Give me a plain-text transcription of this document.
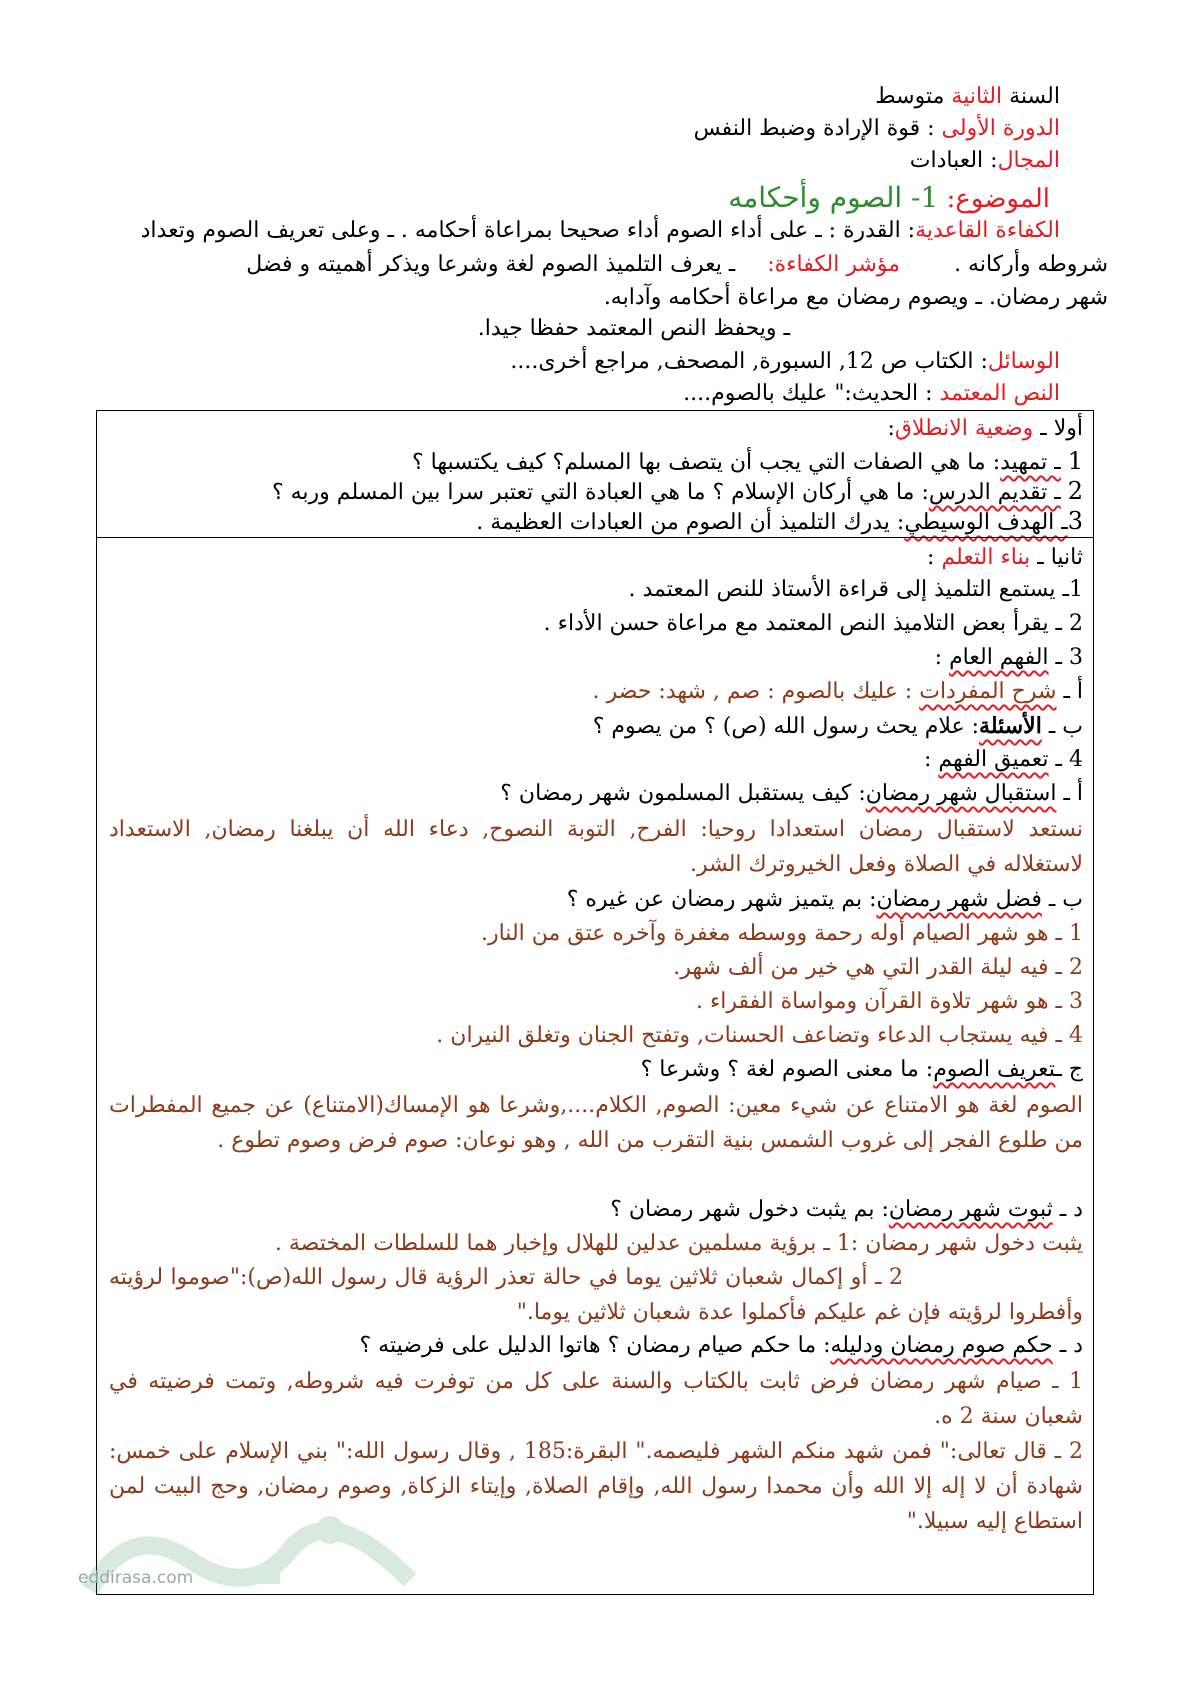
السنة الثانية متوسط
الدورة الأولى : قوة الإرادة وضبط النفس
المجال: العبادات
الموضوع: 1- الصوم وأحكامه
الكفاءة القاعدية: القدرة : ـ على أداء الصوم أداء صحيحا بمراعاة أحكامه . ـ وعلى تعريف الصوم وتعداد
شروطه وأركانه .  مؤشر الكفاءة:  ـ يعرف التلميذ الصوم لغة وشرعا ويذكر أهميته و فضل
شهر رمضان. ـ ويصوم رمضان مع مراعاة أحكامه وآدابه.
ـ ويحفظ النص المعتمد حفظا جيدا.
الوسائل: الكتاب ص 12, السبورة, المصحف, مراجع أخرى....
النص المعتمد : الحديث:" عليك بالصوم....
أولا ـ وضعية الانطلاق:
1 ـ تمهيد: ما هي الصفات التي يجب أن يتصف بها المسلم؟ كيف يكتسبها ؟
2 ـ تقديم الدرس: ما هي أركان الإسلام ؟ ما هي العبادة التي تعتبر سرا بين المسلم وربه ؟
3ـ الهدف الوسيطي: يدرك التلميذ أن الصوم من العبادات العظيمة .
ثانيا ـ بناء التعلم :
1ـ يستمع التلميذ إلى قراءة الأستاذ للنص المعتمد .
2 ـ يقرأ بعض التلاميذ النص المعتمد مع مراعاة حسن الأداء .
3 ـ الفهم العام :
أ ـ شرح المفردات : عليك بالصوم : صم , شهد: حضر .
ب ـ الأسئلة: علام يحث رسول الله (ص) ؟ من يصوم ؟
4 ـ تعميق الفهم :
أ ـ استقبال شهر رمضان: كيف يستقبل المسلمون شهر رمضان ؟
نستعد لاستقبال رمضان استعدادا روحيا: الفرح, التوبة النصوح, دعاء الله أن يبلغنا رمضان, الاستعداد لاستغلاله في الصلاة وفعل الخيروترك الشر.
ب ـ فضل شهر رمضان: بم يتميز شهر رمضان عن غيره ؟
1 ـ هو شهر الصيام أوله رحمة ووسطه مغفرة وآخره عتق من النار.
2 ـ فيه ليلة القدر التي هي خير من ألف شهر.
3 ـ هو شهر تلاوة القرآن ومواساة الفقراء .
4 ـ فيه يستجاب الدعاء وتضاعف الحسنات, وتفتح الجنان وتغلق النيران .
ج ـتعريف الصوم: ما معنى الصوم لغة ؟ وشرعا ؟
الصوم لغة هو الامتناع عن شيء معين: الصوم, الكلام....,وشرعا هو الإمساك(الامتناع) عن جميع المفطرات من طلوع الفجر إلى غروب الشمس بنية التقرب من الله , وهو نوعان: صوم فرض وصوم تطوع .
د ـ ثبوت شهر رمضان: بم يثبت دخول شهر رمضان ؟
يثبت دخول شهر رمضان :1 ـ برؤية مسلمين عدلين للهلال وإخبار هما للسلطات المختصة .
2 ـ أو إكمال شعبان ثلاثين يوما في حالة تعذر الرؤية قال رسول الله(ص):"صوموا لرؤيته وأفطروا لرؤيته فإن غم عليكم فأكملوا عدة شعبان ثلاثين يوما."
د ـ حكم صوم رمضان ودليله: ما حكم صيام رمضان ؟ هاتوا الدليل على فرضيته ؟
1 ـ صيام شهر رمضان فرض ثابت بالكتاب والسنة على كل من توفرت فيه شروطه, وتمت فرضيته في شعبان سنة 2 ه.
2 ـ قال تعالى:" فمن شهد منكم الشهر فليصمه." البقرة:185 , وقال رسول الله:" بني الإسلام على خمس: شهادة أن لا إله إلا الله وأن محمدا رسول الله, وإقام الصلاة, وإيتاء الزكاة, وصوم رمضان, وحج البيت لمن استطاع إليه سبيلا."
eddirasa.com
